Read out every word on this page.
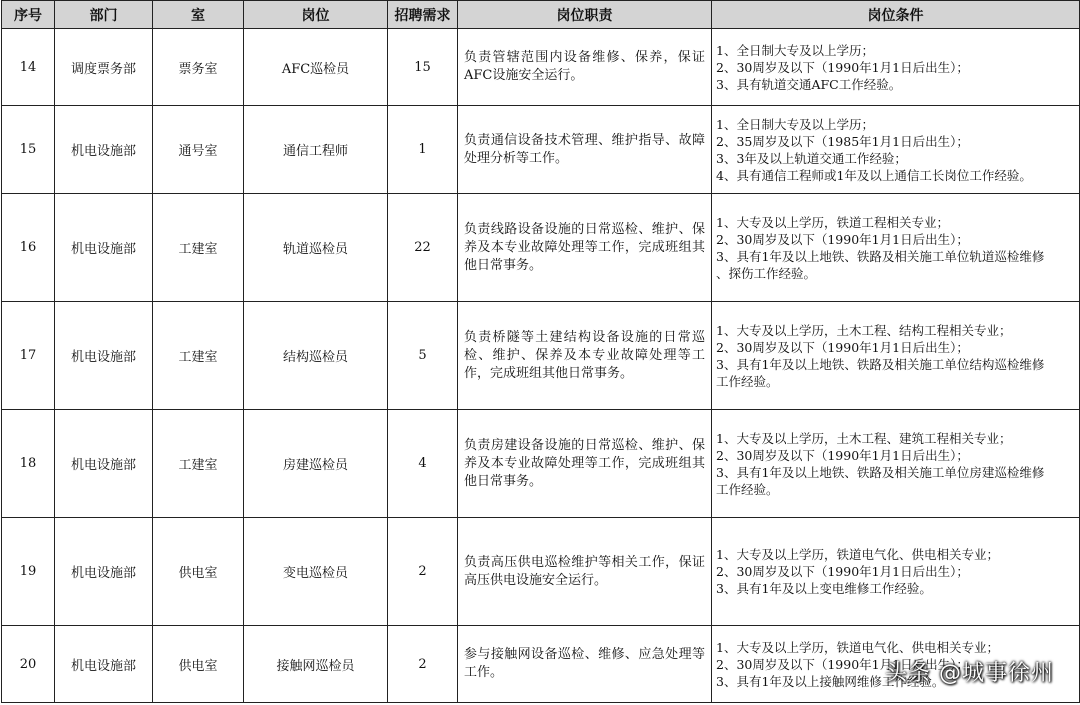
序号	部门	室	岗位	招聘需求	岗位职责	岗位条件
14	调度票务部	票务室	AFC巡检员	15	负责管辖范围内设备维修、保养，保证AFC设施安全运行。	1、全日制大专及以上学历；
2、30周岁及以下（1990年1月1日后出生）；
3、具有轨道交通AFC工作经验。

15	机电设施部	通号室	通信工程师	1	负责通信设备技术管理、维护指导、故障处理分析等工作。	1、全日制大专及以上学历；
2、35周岁及以下（1985年1月1日后出生）；
3、3年及以上轨道交通工作经验；
4、具有通信工程师或1年及以上通信工长岗位工作经验。

16	机电设施部	工建室	轨道巡检员	22	负责线路设备设施的日常巡检、维护、保养及本专业故障处理等工作，完成班组其他日常事务。	1、大专及以上学历，铁道工程相关专业；
2、30周岁及以下（1990年1月1日后出生）；
3、具有1年及以上地铁、铁路及相关施工单位轨道巡检维修
、探伤工作经验。

17	机电设施部	工建室	结构巡检员	5	负责桥隧等土建结构设备设施的日常巡检、维护、保养及本专业故障处理等工作，完成班组其他日常事务。	1、大专及以上学历，土木工程、结构工程相关专业；
2、30周岁及以下（1990年1月1日后出生）；
3、具有1年及以上地铁、铁路及相关施工单位结构巡检维修
工作经验。

18	机电设施部	工建室	房建巡检员	4	负责房建设备设施的日常巡检、维护、保养及本专业故障处理等工作，完成班组其他日常事务。	1、大专及以上学历，土木工程、建筑工程相关专业；
2、30周岁及以下（1990年1月1日后出生）；
3、具有1年及以上地铁、铁路及相关施工单位房建巡检维修
工作经验。

19	机电设施部	供电室	变电巡检员	2	负责高压供电巡检维护等相关工作，保证高压供电设施安全运行。	1、大专及以上学历，铁道电气化、供电相关专业；
2、30周岁及以下（1990年1月1日后出生）；
3、具有1年及以上变电维修工作经验。

20	机电设施部	供电室	接触网巡检员	2	参与接触网设备巡检、维修、应急处理等工作。	1、大专及以上学历，铁道电气化、供电相关专业；
2、30周岁及以下（1990年1月1日后出生）；
3、具有1年及以上接触网维修工作经验。
头条 @城事徐州
